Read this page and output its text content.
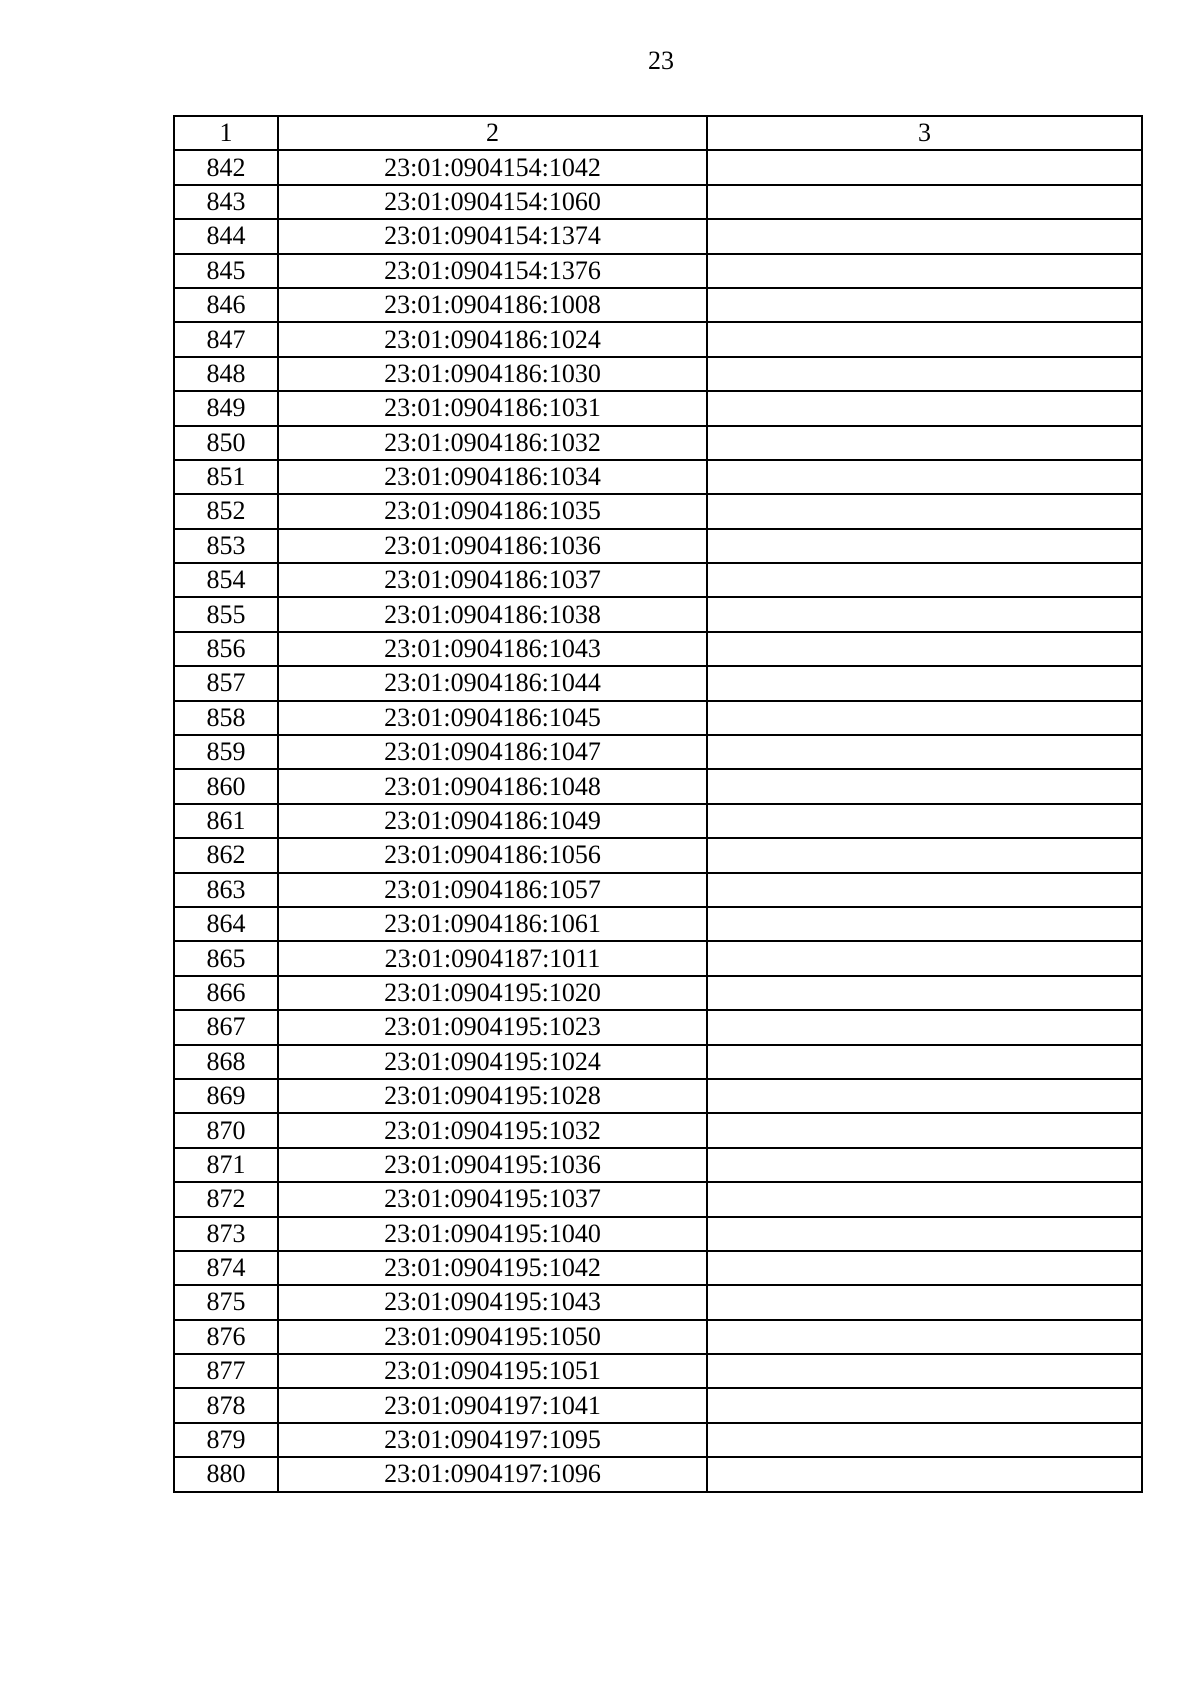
23
1	2	3
842	23:01:0904154:1042	
843	23:01:0904154:1060	
844	23:01:0904154:1374	
845	23:01:0904154:1376	
846	23:01:0904186:1008	
847	23:01:0904186:1024	
848	23:01:0904186:1030	
849	23:01:0904186:1031	
850	23:01:0904186:1032	
851	23:01:0904186:1034	
852	23:01:0904186:1035	
853	23:01:0904186:1036	
854	23:01:0904186:1037	
855	23:01:0904186:1038	
856	23:01:0904186:1043	
857	23:01:0904186:1044	
858	23:01:0904186:1045	
859	23:01:0904186:1047	
860	23:01:0904186:1048	
861	23:01:0904186:1049	
862	23:01:0904186:1056	
863	23:01:0904186:1057	
864	23:01:0904186:1061	
865	23:01:0904187:1011	
866	23:01:0904195:1020	
867	23:01:0904195:1023	
868	23:01:0904195:1024	
869	23:01:0904195:1028	
870	23:01:0904195:1032	
871	23:01:0904195:1036	
872	23:01:0904195:1037	
873	23:01:0904195:1040	
874	23:01:0904195:1042	
875	23:01:0904195:1043	
876	23:01:0904195:1050	
877	23:01:0904195:1051	
878	23:01:0904197:1041	
879	23:01:0904197:1095	
880	23:01:0904197:1096	
